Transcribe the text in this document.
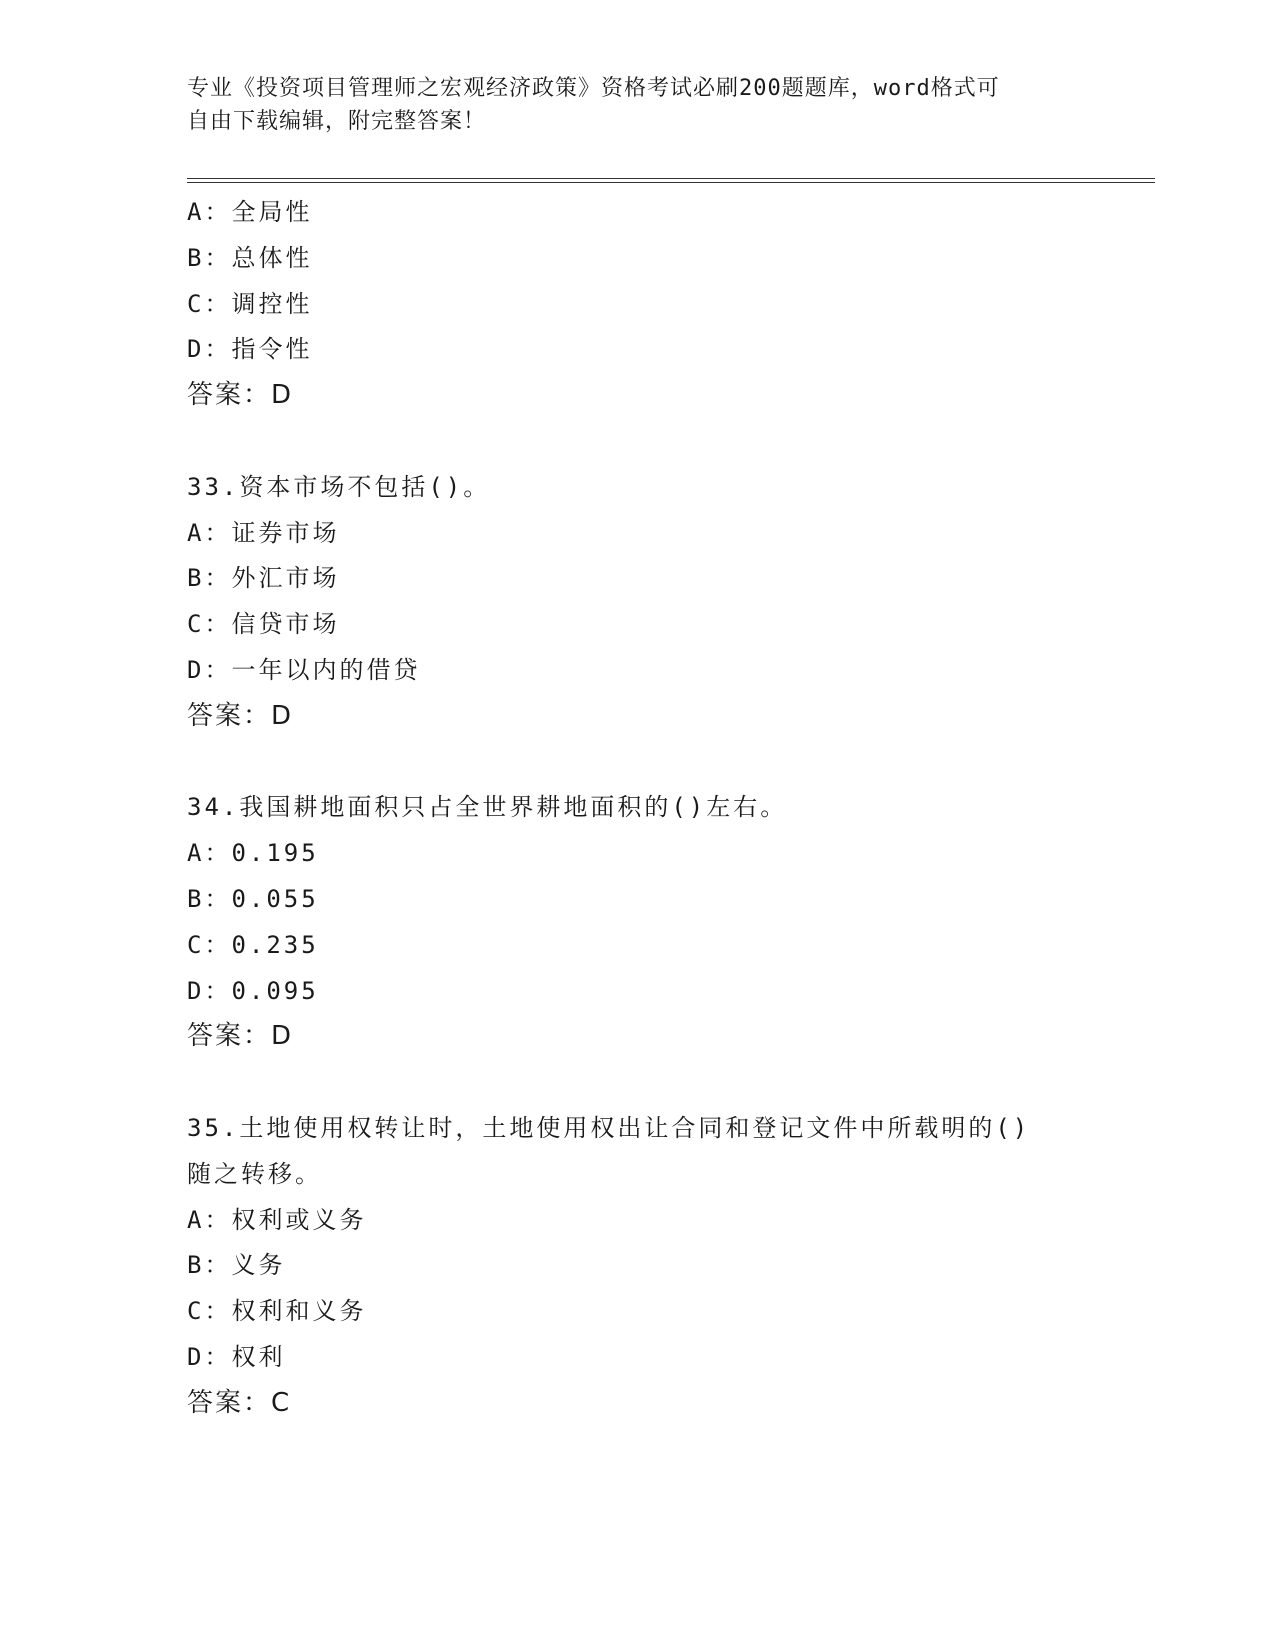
专业《投资项目管理师之宏观经济政策》资格考试必刷200题题库，word格式可
自由下载编辑，附完整答案！
A：全局性
B：总体性
C：调控性
D：指令性
答案：D
33.资本市场不包括()。
A：证券市场
B：外汇市场
C：信贷市场
D：一年以内的借贷
答案：D
34.我国耕地面积只占全世界耕地面积的()左右。
A：0.195
B：0.055
C：0.235
D：0.095
答案：D
35.土地使用权转让时，土地使用权出让合同和登记文件中所载明的()
随之转移。
A：权利或义务
B：义务
C：权利和义务
D：权利
答案：C
